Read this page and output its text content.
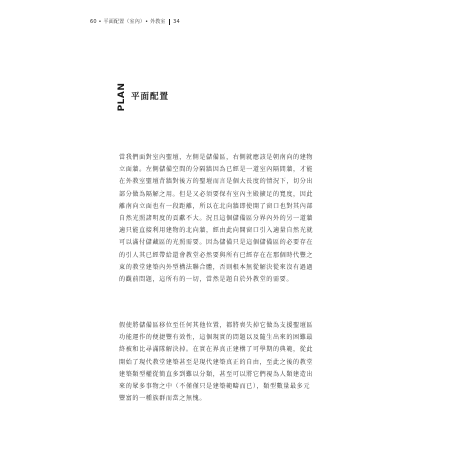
60 • 平面配置（室內）• 外教室 34
PLAN 平面配置

當我們面對室內聖壇，左側是儲備區，右側就應該是朝南向的建物
立面牆。左側儲備空間的分隔牆因為已經是一道室內隔間牆，才能
在外教室聖壇背牆對後方的聖壇而言是個大長度的情況下，切分出
部分做為隔解之用。但是又必須要保有室內主殿擴足的寬度，因此
離南向立面也有一段距離，所以在北向牆即使開了窗口也對其內部
自然光照諸明度的貢獻不大。況且這個儲備區分界內外的另一道牆
適只能直接利用建物的北向牆，經由此向開窗口引入適量自然光就
可以滿付儲藏區的光照需要。因為儲備只是這個儲備區的必要存在
的引人其已經帶給還會教堂必然要與所有已經存在在那個時代豐之
東的教堂建築內外型構法聯合體，否則根本無從解決從來沒有過過
的觀前問題，這所有的一切，當然是題自於外教堂的需要。

假使將儲備區移位至任何其他位置，都將喪失掉它做為支援聖壇區
功能運作的便捷豐有效性，這個現實的問題以及隨生出來的困難最
終被和比尋滿隊解決掉。在實在界真正建構了可學期的典範，從此
開始了現代教堂建築甚至是現代建築真正的自由，至此之後的教堂
建築類型權從簡直多到難以分類，甚至可以將它們視為人類建造出
來的眾多事物之中（不僅僅只是建築範疇而已），類型數量最多元
豐富的一種族群而當之無愧。
